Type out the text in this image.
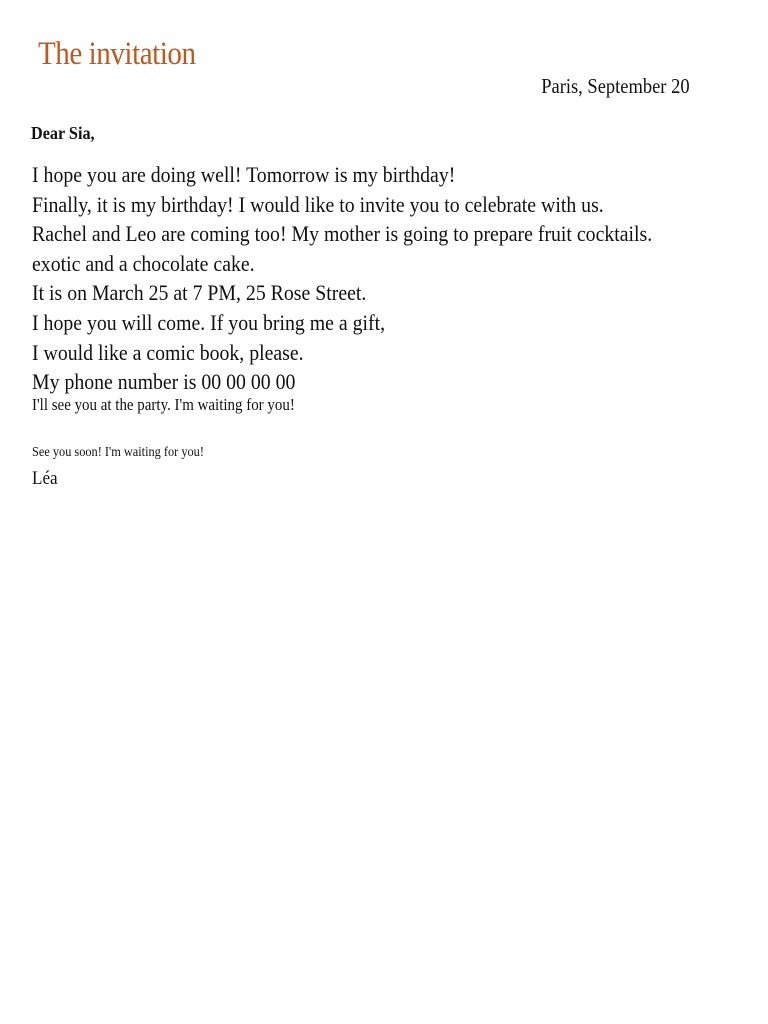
The invitation
Paris, September 20
Dear Sia,
I hope you are doing well! Tomorrow is my birthday!
Finally, it is my birthday! I would like to invite you to celebrate with us.
Rachel and Leo are coming too! My mother is going to prepare fruit cocktails.
exotic and a chocolate cake.
It is on March 25 at 7 PM, 25 Rose Street.
I hope you will come. If you bring me a gift,
I would like a comic book, please.
My phone number is 00 00 00 00
I'll see you at the party. I'm waiting for you!
See you soon! I'm waiting for you!
Léa
